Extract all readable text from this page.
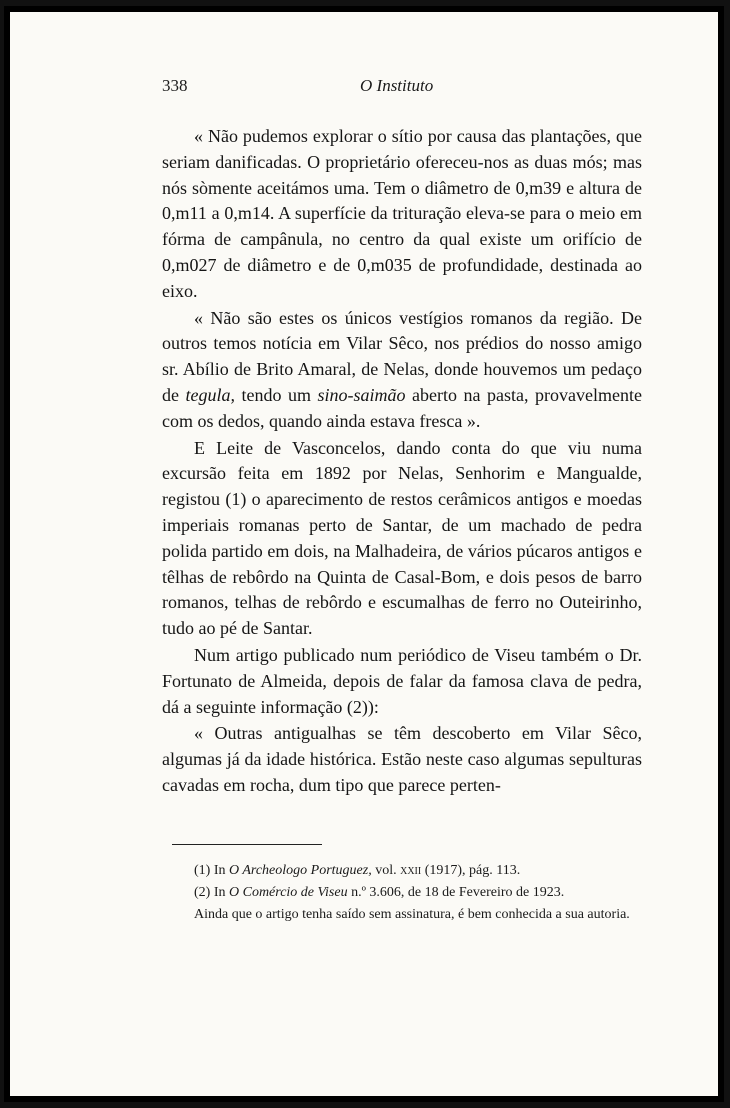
338	O Instituto

« Não pudemos explorar o sítio por causa das plantações, que seriam danificadas. O proprietário ofereceu-nos as duas mós; mas nós sòmente aceitámos uma. Tem o diâmetro de 0,m39 e altura de 0,m11 a 0,m14. A superfície da trituração eleva-se para o meio em fórma de campânula, no centro da qual existe um orifício de 0,m027 de diâmetro e de 0,m035 de profundidade, destinada ao eixo.

« Não são estes os únicos vestígios romanos da região. De outros temos notícia em Vilar Sêco, nos prédios do nosso amigo sr. Abílio de Brito Amaral, de Nelas, donde houvemos um pedaço de tegula, tendo um sino-saimão aberto na pasta, provavelmente com os dedos, quando ainda estava fresca ».

E Leite de Vasconcelos, dando conta do que viu numa excursão feita em 1892 por Nelas, Senhorim e Mangualde, registou (1) o aparecimento de restos cerâmicos antigos e moedas imperiais romanas perto de Santar, de um machado de pedra polida partido em dois, na Malhadeira, de vários púcaros antigos e têlhas de rebôrdo na Quinta de Casal-Bom, e dois pesos de barro romanos, telhas de rebôrdo e escumalhas de ferro no Outeirinho, tudo ao pé de Santar.

Num artigo publicado num periódico de Viseu também o Dr. Fortunato de Almeida, depois de falar da famosa clava de pedra, dá a seguinte informação (2)):

« Outras antigualhas se têm descoberto em Vilar Sêco, algumas já da idade histórica. Estão neste caso algumas sepulturas cavadas em rocha, dum tipo que parece perten-

(1) In O Archeologo Portuguez, vol. xxii (1917), pág. 113.

(2) In O Comércio de Viseu n.º 3.606, de 18 de Fevereiro de 1923.

Ainda que o artigo tenha saído sem assinatura, é bem conhecida a sua autoria.
